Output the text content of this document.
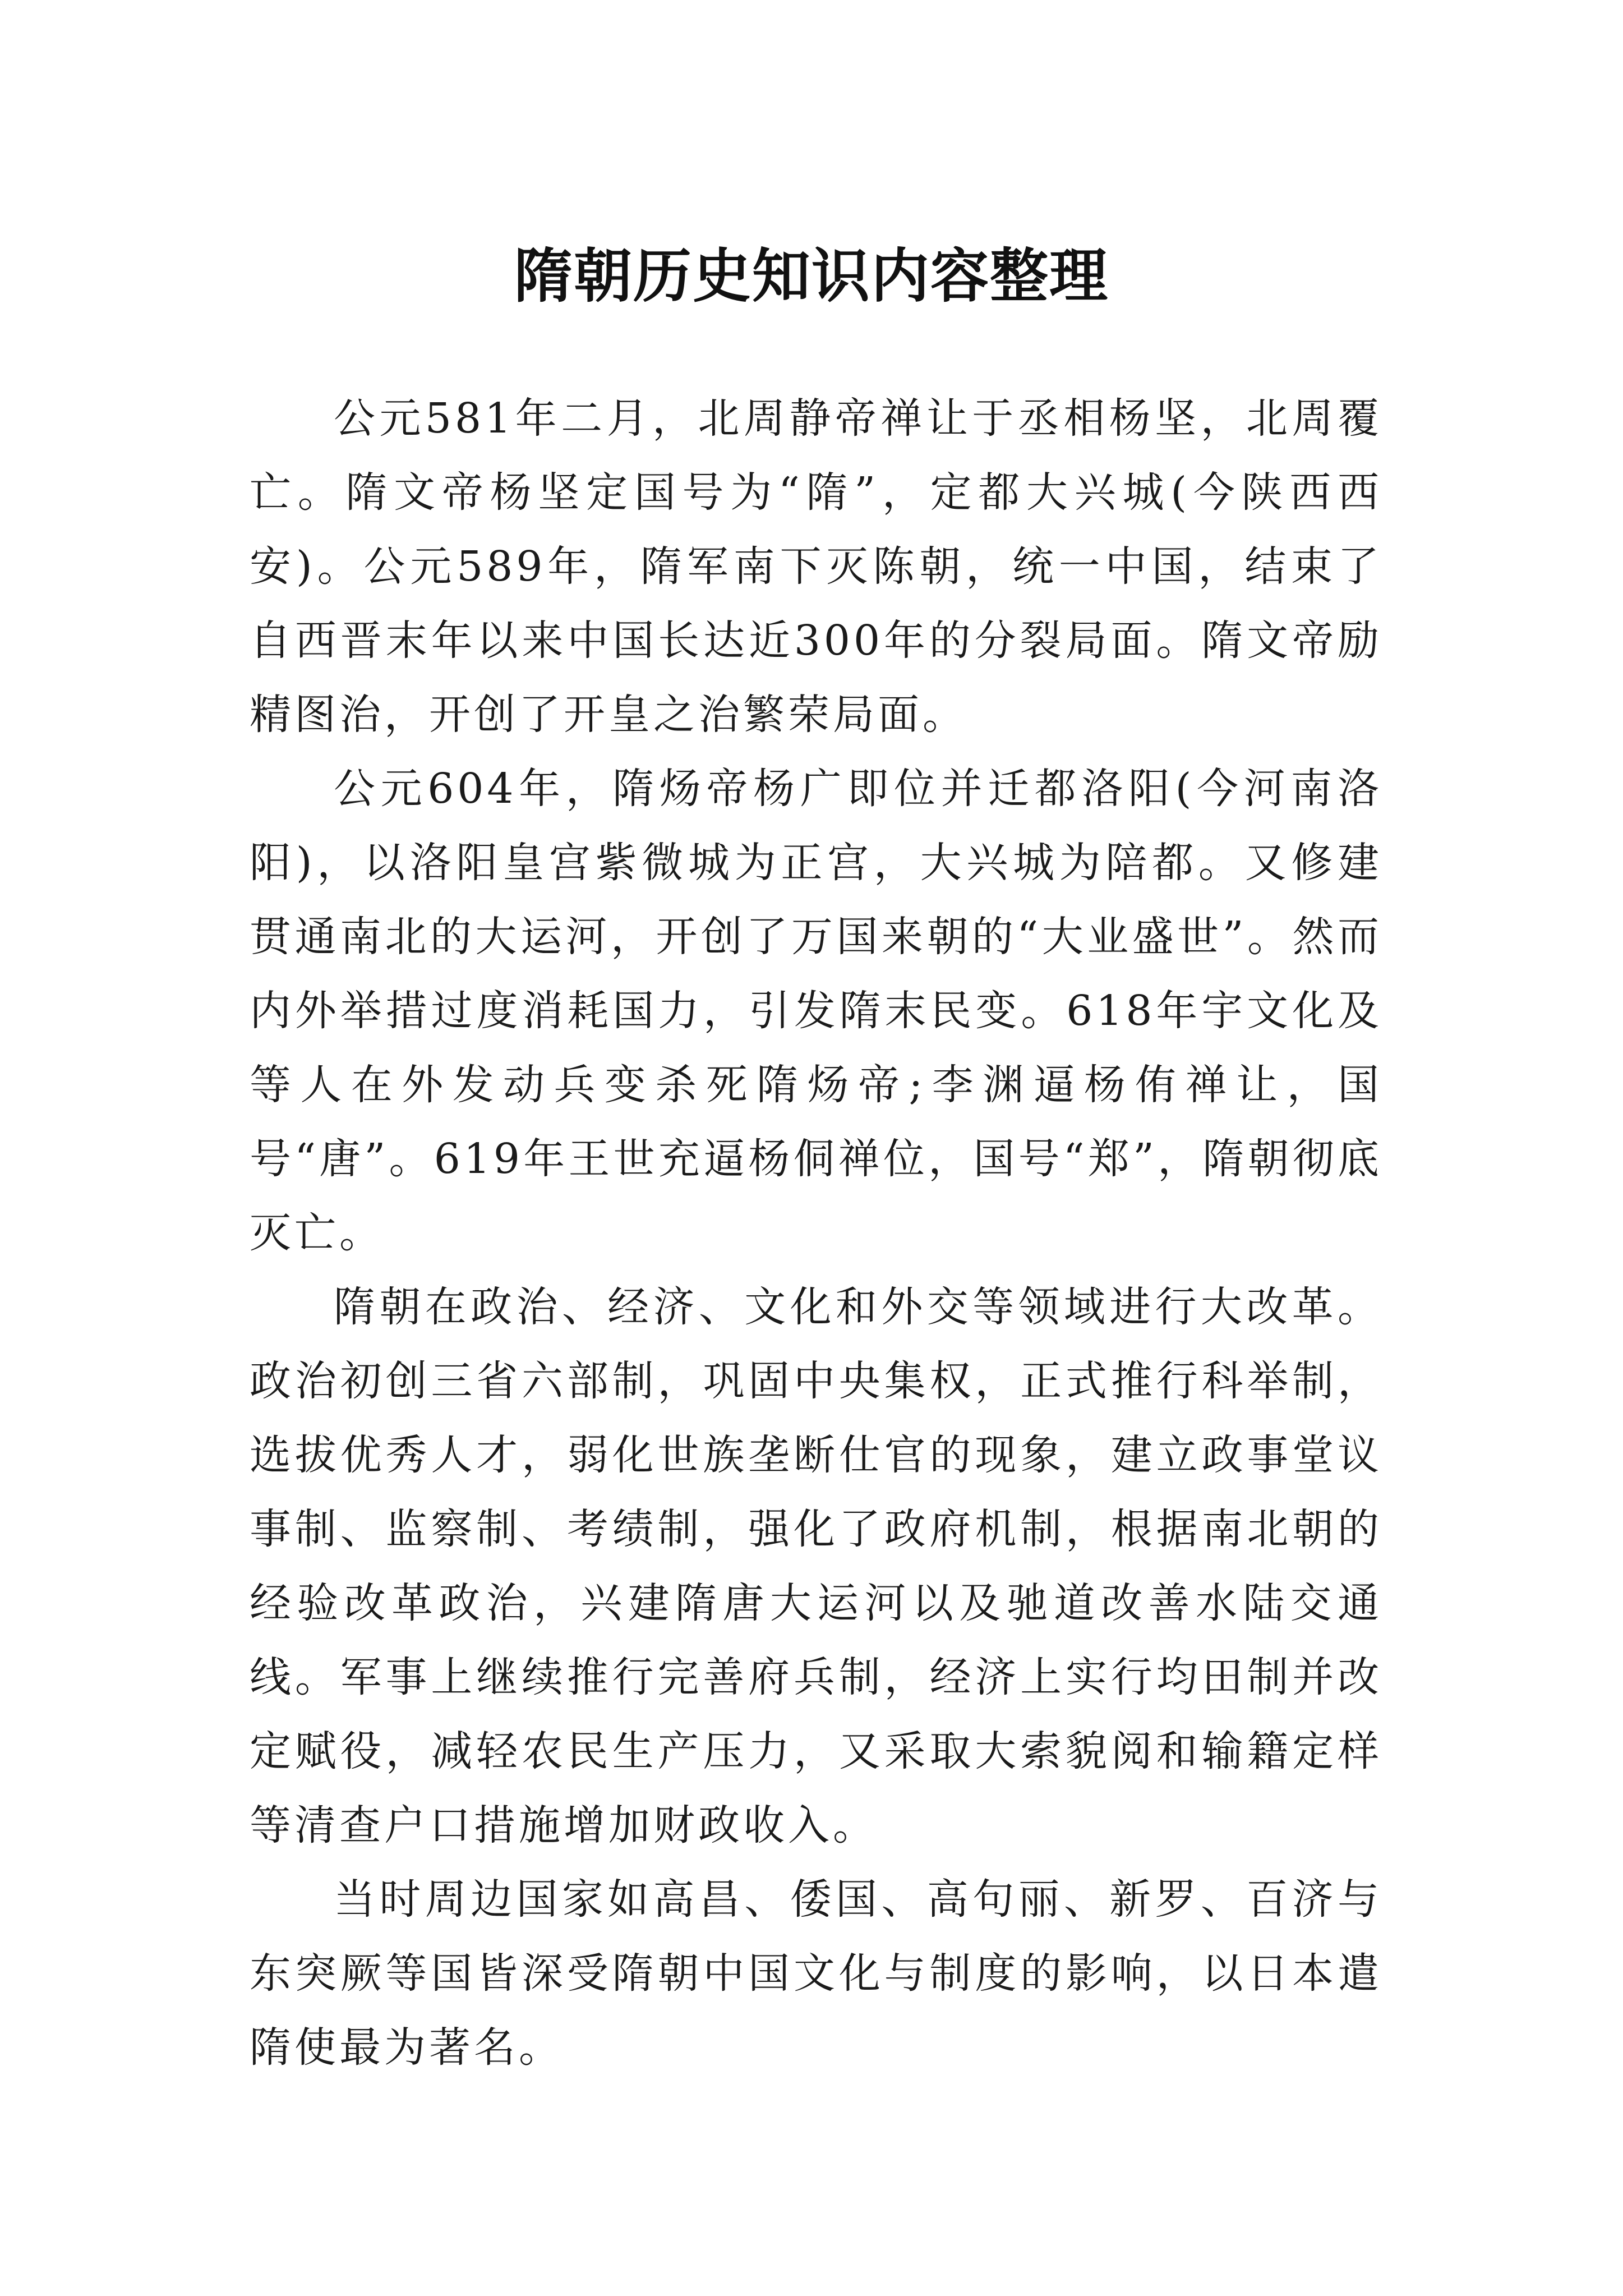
隋朝历史知识内容整理

公元581年二月，北周静帝禅让于丞相杨坚，北周覆亡。隋文帝杨坚定国号为“隋”，定都大兴城(今陕西西安)。公元589年，隋军南下灭陈朝，统一中国，结束了自西晋末年以来中国长达近300年的分裂局面。隋文帝励精图治，开创了开皇之治繁荣局面。

公元604年，隋炀帝杨广即位并迁都洛阳(今河南洛阳)，以洛阳皇宫紫微城为正宫，大兴城为陪都。又修建贯通南北的大运河，开创了万国来朝的“大业盛世”。然而内外举措过度消耗国力，引发隋末民变。618年宇文化及等人在外发动兵变杀死隋炀帝;李渊逼杨侑禅让，国号“唐”。619年王世充逼杨侗禅位，国号“郑”，隋朝彻底灭亡。

隋朝在政治、经济、文化和外交等领域进行大改革。政治初创三省六部制，巩固中央集权，正式推行科举制，选拔优秀人才，弱化世族垄断仕官的现象，建立政事堂议事制、监察制、考绩制，强化了政府机制，根据南北朝的经验改革政治，兴建隋唐大运河以及驰道改善水陆交通线。军事上继续推行完善府兵制，经济上实行均田制并改定赋役，减轻农民生产压力，又采取大索貌阅和输籍定样等清查户口措施增加财政收入。

当时周边国家如高昌、倭国、高句丽、新罗、百济与东突厥等国皆深受隋朝中国文化与制度的影响，以日本遣隋使最为著名。
